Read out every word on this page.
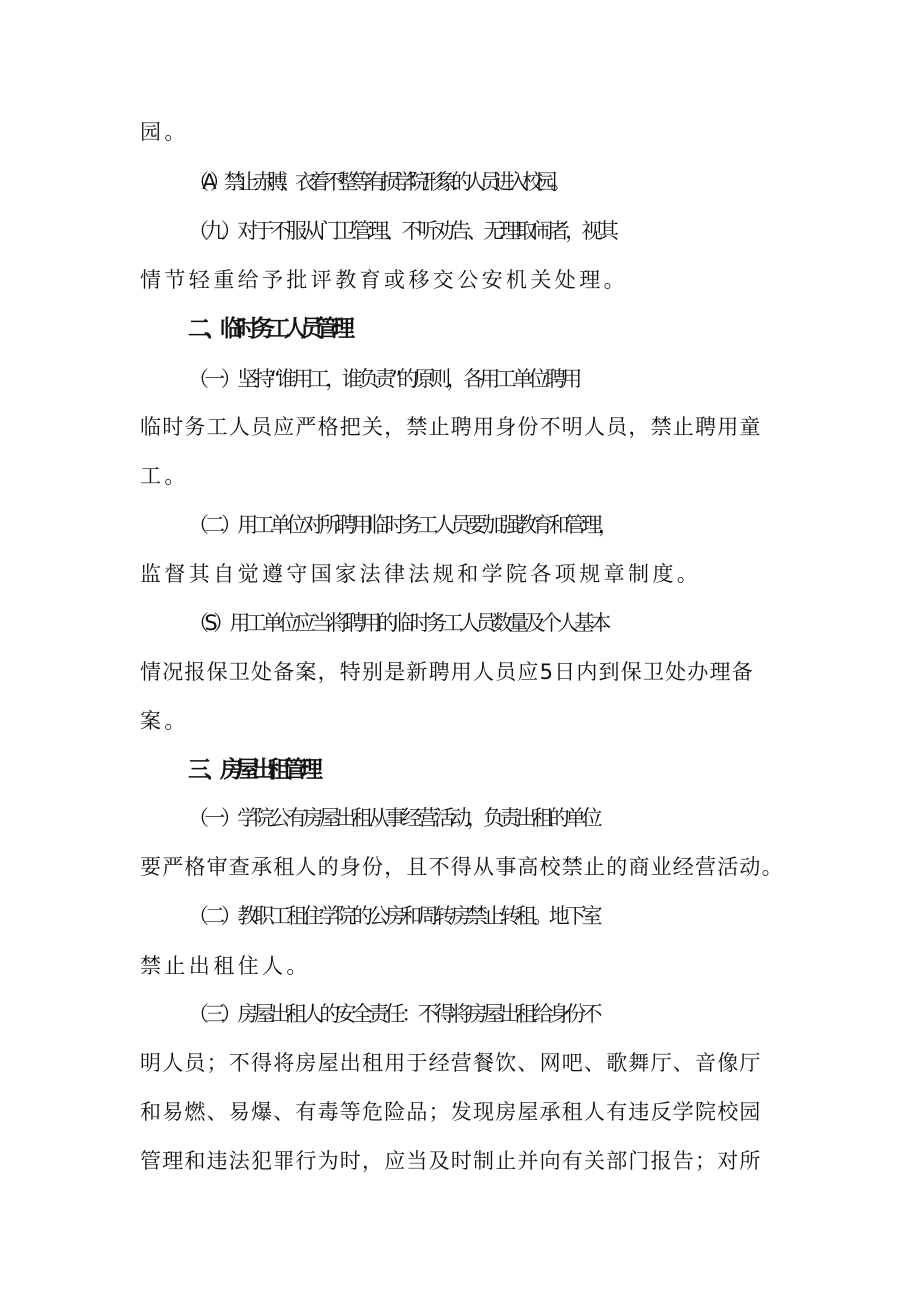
园。
（A）禁止赤膊、衣着不整等有损学院形象的人员进入校园。
（九）对于不服从门卫管理、不听劝告、无理取闹者，视其
情节轻重给予批评教育或移交公安机关处理。
二、临时务工人员管理
（一）坚持“谁用工，谁负责”的原则，各用工单位聘用
临时务工人员应严格把关，禁止聘用身份不明人员，禁止聘用童
工。
（二）用工单位对所聘用临时务工人员要加强教育和管理，
监督其自觉遵守国家法律法规和学院各项规章制度。
（S）用工单位应当将聘用的临时务工人员数量及个人基本
情况报保卫处备案，特别是新聘用人员应5日内到保卫处办理备
案。
三、房屋出租管理
（一）学院公有房屋出租从事经营活动，负责出租的单位
要严格审查承租人的身份，且不得从事高校禁止的商业经营活动。
（二）教职工租住学院的公房和周转房禁止转租。地下室
禁止出租住人。
（三）房屋出租人的安全责任：不得将房屋出租给身份不
明人员；不得将房屋出租用于经营餐饮、网吧、歌舞厅、音像厅
和易燃、易爆、有毒等危险品；发现房屋承租人有违反学院校园
管理和违法犯罪行为时，应当及时制止并向有关部门报告；对所
